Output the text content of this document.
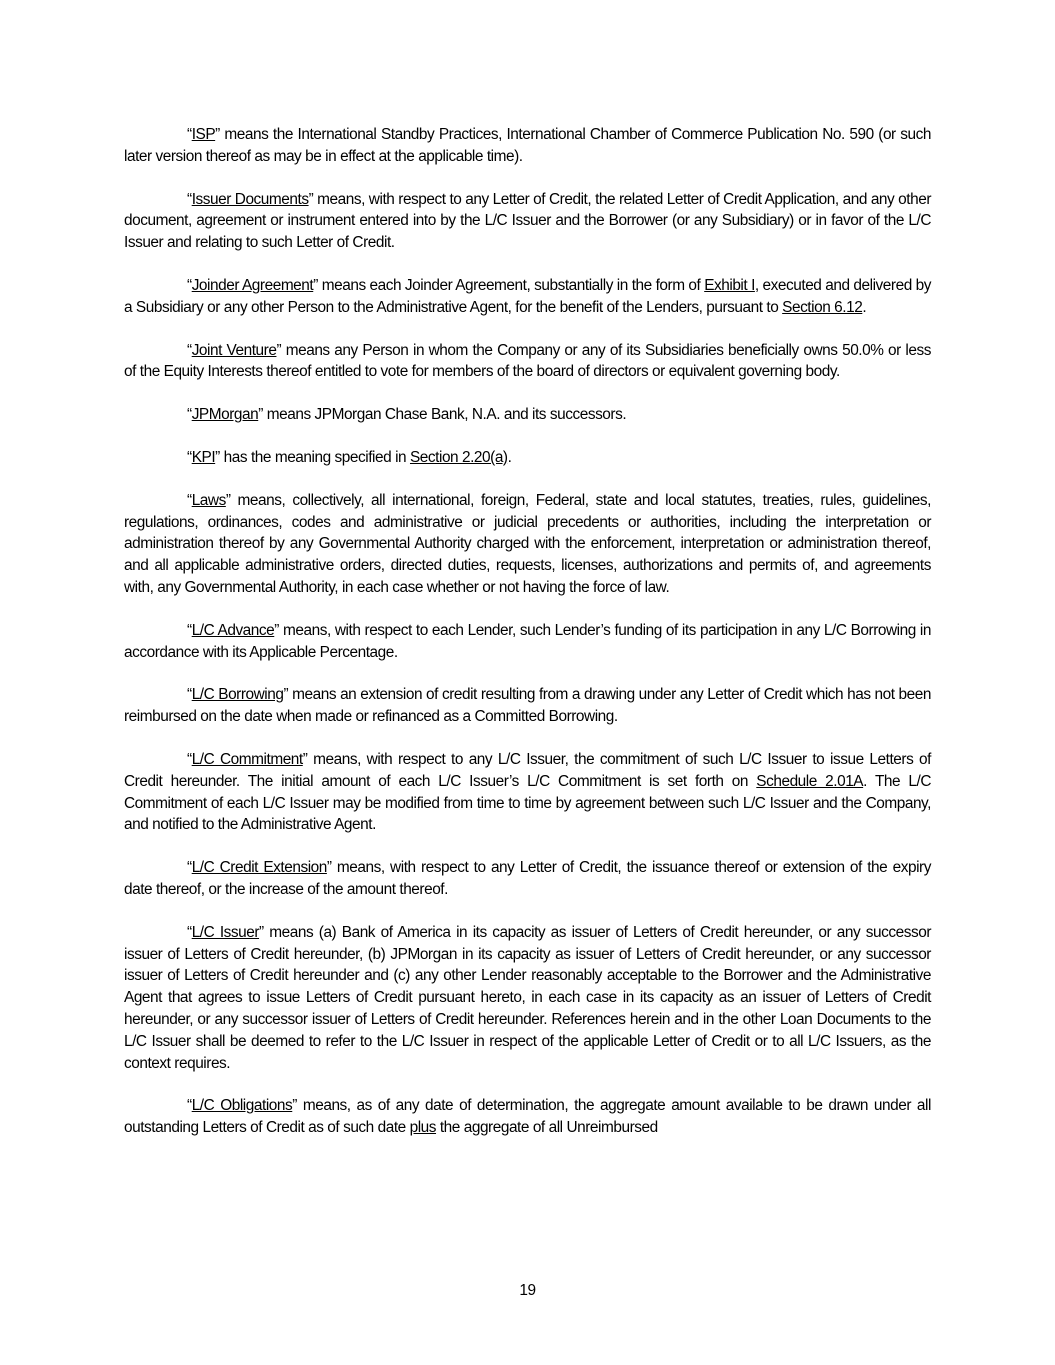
“ISP” means the International Standby Practices, International Chamber of Commerce Publication No. 590 (or such later version thereof as may be in effect at the applicable time).

“Issuer Documents” means, with respect to any Letter of Credit, the related Letter of Credit Application, and any other document, agreement or instrument entered into by the L/C Issuer and the Borrower (or any Subsidiary) or in favor of the L/C Issuer and relating to such Letter of Credit.

“Joinder Agreement” means each Joinder Agreement, substantially in the form of Exhibit I, executed and delivered by a Subsidiary or any other Person to the Administrative Agent, for the benefit of the Lenders, pursuant to Section 6.12.

“Joint Venture” means any Person in whom the Company or any of its Subsidiaries beneficially owns 50.0% or less of the Equity Interests thereof entitled to vote for members of the board of directors or equivalent governing body.

“JPMorgan” means JPMorgan Chase Bank, N.A. and its successors.

“KPI” has the meaning specified in Section 2.20(a).

“Laws” means, collectively, all international, foreign, Federal, state and local statutes, treaties, rules, guidelines, regulations, ordinances, codes and administrative or judicial precedents or authorities, including the interpretation or administration thereof by any Governmental Authority charged with the enforcement, interpretation or administration thereof, and all applicable administrative orders, directed duties, requests, licenses, authorizations and permits of, and agreements with, any Governmental Authority, in each case whether or not having the force of law.

“L/C Advance” means, with respect to each Lender, such Lender’s funding of its participation in any L/C Borrowing in accordance with its Applicable Percentage.

“L/C Borrowing” means an extension of credit resulting from a drawing under any Letter of Credit which has not been reimbursed on the date when made or refinanced as a Committed Borrowing.

“L/C Commitment” means, with respect to any L/C Issuer, the commitment of such L/C Issuer to issue Letters of Credit hereunder. The initial amount of each L/C Issuer’s L/C Commitment is set forth on Schedule 2.01A. The L/C Commitment of each L/C Issuer may be modified from time to time by agreement between such L/C Issuer and the Company, and notified to the Administrative Agent.

“L/C Credit Extension” means, with respect to any Letter of Credit, the issuance thereof or extension of the expiry date thereof, or the increase of the amount thereof.

“L/C Issuer” means (a) Bank of America in its capacity as issuer of Letters of Credit hereunder, or any successor issuer of Letters of Credit hereunder, (b) JPMorgan in its capacity as issuer of Letters of Credit hereunder, or any successor issuer of Letters of Credit hereunder and (c) any other Lender reasonably acceptable to the Borrower and the Administrative Agent that agrees to issue Letters of Credit pursuant hereto, in each case in its capacity as an issuer of Letters of Credit hereunder, or any successor issuer of Letters of Credit hereunder. References herein and in the other Loan Documents to the L/C Issuer shall be deemed to refer to the L/C Issuer in respect of the applicable Letter of Credit or to all L/C Issuers, as the context requires.

“L/C Obligations” means, as of any date of determination, the aggregate amount available to be drawn under all outstanding Letters of Credit as of such date plus the aggregate of all Unreimbursed

19
